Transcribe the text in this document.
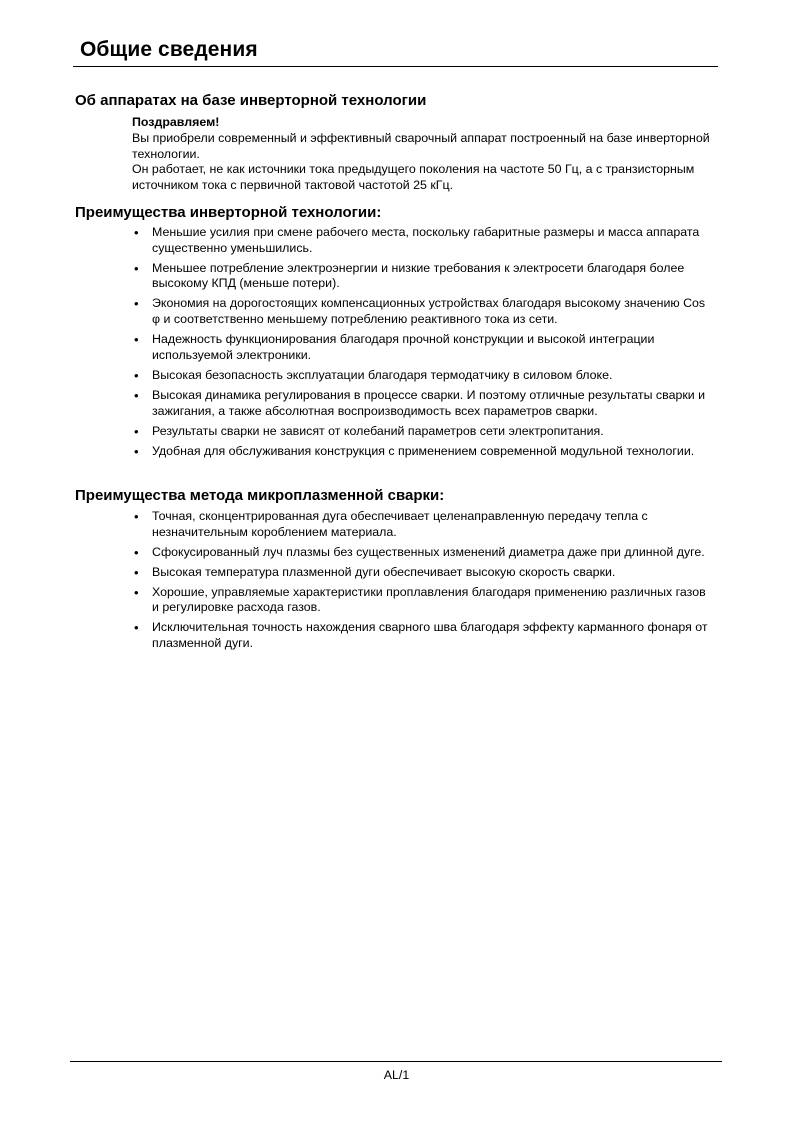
Общие сведения
Об аппаратах на базе инверторной технологии

Поздравляем!

Вы приобрели современный и эффективный сварочный аппарат построенный на базе инверторной технологии.

Он работает, не как источники тока предыдущего поколения на частоте 50 Гц, а с транзисторным источником тока с первичной тактовой частотой 25 кГц.

Преимущества инверторной технологии:
• Меньшие усилия при смене рабочего места, поскольку габаритные размеры и масса аппарата существенно уменьшились.
• Меньшее потребление электроэнергии и низкие требования к электросети благодаря более высокому КПД (меньше потери).
• Экономия на дорогостоящих компенсационных устройствах благодаря высокому значению Cos φ и соответственно меньшему потреблению реактивного тока из сети.
• Надежность функционирования благодаря прочной конструкции и высокой интеграции используемой электроники.
• Высокая безопасность эксплуатации благодаря термодатчику в силовом блоке.
• Высокая динамика регулирования в процессе сварки. И поэтому отличные результаты сварки и зажигания, а также абсолютная воспроизводимость всех параметров сварки.
• Результаты сварки не зависят от колебаний параметров сети электропитания.
• Удобная для обслуживания конструкция с применением современной модульной технологии.
Преимущества метода микроплазменной сварки:
• Точная, сконцентрированная дуга обеспечивает целенаправленную передачу тепла с незначительным короблением материала.
• Сфокусированный луч плазмы без существенных изменений диаметра даже при длинной дуге.
• Высокая температура плазменной дуги обеспечивает высокую скорость сварки.
• Хорошие, управляемые характеристики проплавления благодаря применению различных газов и регулировке расхода газов.
• Исключительная точность нахождения сварного шва благодаря эффекту карманного фонаря от плазменной дуги.
AL/1
